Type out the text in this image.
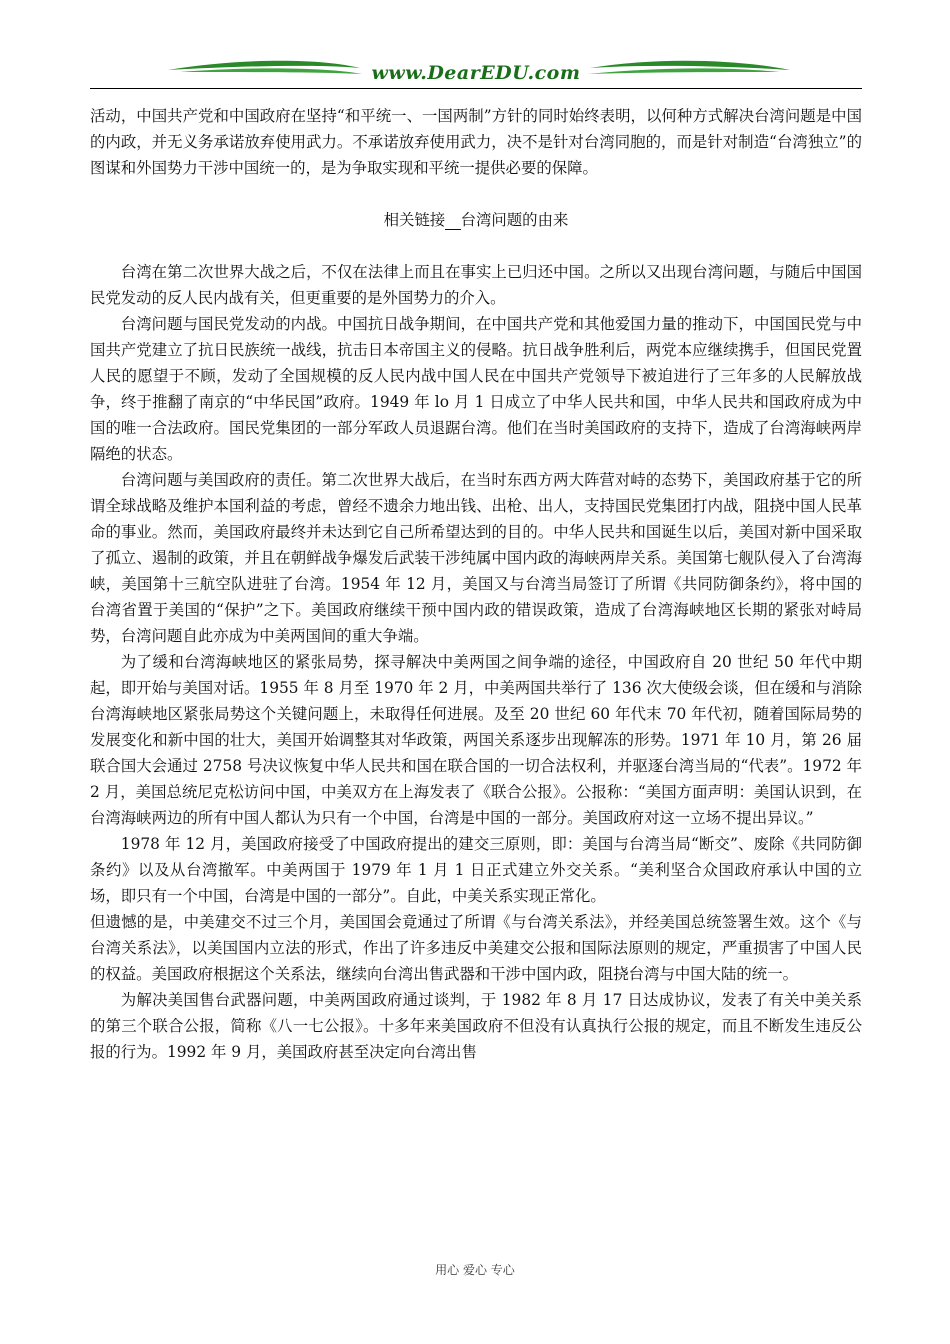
www.DearEDU.com

活动，中国共产党和中国政府在坚持“和平统一、一国两制”方针的同时始终表明，以何种方式解决台湾问题是中国的内政，并无义务承诺放弃使用武力。不承诺放弃使用武力，决不是针对台湾同胞的，而是针对制造“台湾独立”的图谋和外国势力干涉中国统一的，是为争取实现和平统一提供必要的保障。

相关链接　 台湾问题的由来

台湾在第二次世界大战之后，不仅在法律上而且在事实上已归还中国。之所以又出现台湾问题，与随后中国国民党发动的反人民内战有关，但更重要的是外国势力的介入。

台湾问题与国民党发动的内战。中国抗日战争期间，在中国共产党和其他爱国力量的推动下，中国国民党与中国共产党建立了抗日民族统一战线，抗击日本帝国主义的侵略。抗日战争胜利后，两党本应继续携手，但国民党置人民的愿望于不顾，发动了全国规模的反人民内战中国人民在中国共产党领导下被迫进行了三年多的人民解放战争，终于推翻了南京的“中华民国”政府。1949 年 lo 月 1 日成立了中华人民共和国，中华人民共和国政府成为中国的唯一合法政府。国民党集团的一部分军政人员退踞台湾。他们在当时美国政府的支持下，造成了台湾海峡两岸隔绝的状态。

台湾问题与美国政府的责任。第二次世界大战后，在当时东西方两大阵营对峙的态势下，美国政府基于它的所谓全球战略及维护本国利益的考虑，曾经不遗余力地出钱、出枪、出人，支持国民党集团打内战，阻挠中国人民革命的事业。然而，美国政府最终并未达到它自己所希望达到的目的。中华人民共和国诞生以后，美国对新中国采取了孤立、遏制的政策，并且在朝鲜战争爆发后武装干涉纯属中国内政的海峡两岸关系。美国第七舰队侵入了台湾海峡，美国第十三航空队进驻了台湾。1954 年 12 月，美国又与台湾当局签订了所谓《共同防御条约》，将中国的台湾省置于美国的“保护”之下。美国政府继续干预中国内政的错误政策，造成了台湾海峡地区长期的紧张对峙局势，台湾问题自此亦成为中美两国间的重大争端。

为了缓和台湾海峡地区的紧张局势，探寻解决中美两国之间争端的途径，中国政府自 20 世纪 50 年代中期起，即开始与美国对话。1955 年 8 月至 1970 年 2 月，中美两国共举行了 136 次大使级会谈，但在缓和与消除台湾海峡地区紧张局势这个关键问题上，未取得任何进展。及至 20 世纪 60 年代末 70 年代初，随着国际局势的发展变化和新中国的壮大，美国开始调整其对华政策，两国关系逐步出现解冻的形势。1971 年 10 月，第 26 届联合国大会通过 2758 号决议恢复中华人民共和国在联合国的一切合法权利，并驱逐台湾当局的“代表”。1972 年 2 月，美国总统尼克松访问中国，中美双方在上海发表了《联合公报》。公报称：“美国方面声明：美国认识到，在台湾海峡两边的所有中国人都认为只有一个中国，台湾是中国的一部分。美国政府对这一立场不提出异议。”

1978 年 12 月，美国政府接受了中国政府提出的建交三原则，即：美国与台湾当局“断交”、废除《共同防御条约》以及从台湾撤军。中美两国于 1979 年 1 月 1 日正式建立外交关系。“美利坚合众国政府承认中国的立场，即只有一个中国，台湾是中国的一部分”。自此，中美关系实现正常化。

但遗憾的是，中美建交不过三个月，美国国会竟通过了所谓《与台湾关系法》，并经美国总统签署生效。这个《与台湾关系法》，以美国国内立法的形式，作出了许多违反中美建交公报和国际法原则的规定，严重损害了中国人民的权益。美国政府根据这个关系法，继续向台湾出售武器和干涉中国内政，阻挠台湾与中国大陆的统一。

为解决美国售台武器问题，中美两国政府通过谈判，于 1982 年 8 月 17 日达成协议，发表了有关中美关系的第三个联合公报，简称《八一七公报》。十多年来美国政府不但没有认真执行公报的规定，而且不断发生违反公报的行为。1992 年 9 月，美国政府甚至决定向台湾出售

用心 爱心 专心
